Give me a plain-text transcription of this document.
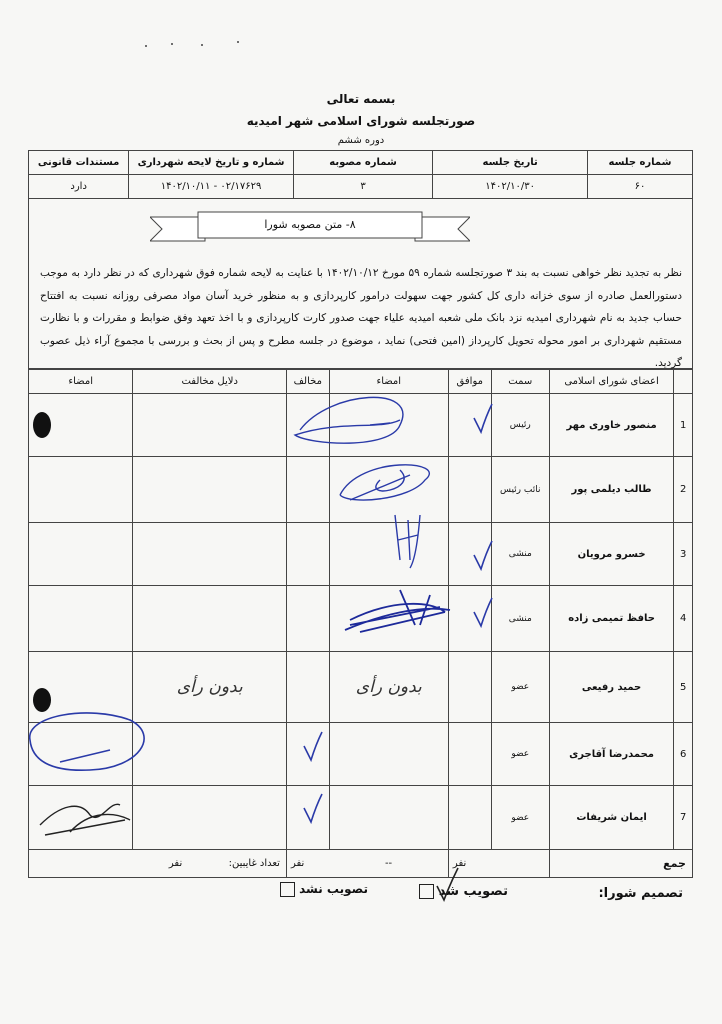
بسمه تعالی
صورتجلسه شورای اسلامی شهر امیدیه
دوره ششم
شماره جلسه	تاریخ جلسه	شماره مصوبه	شماره و تاریخ لایحه شهرداری	مستندات قانونی
۶۰	۱۴۰۲/۱۰/۳۰	۳	۰۲/۱۷۶۲۹ - ۱۴۰۲/۱۰/۱۱	دارد
۸- متن مصوبه شورا
نظر به تجدید نظر خواهی نسبت به بند ۳ صورتجلسه شماره ۵۹ مورخ ۱۴۰۲/۱۰/۱۲ با عنایت به لایحه شماره فوق شهرداری که در نظر دارد به موجب دستورالعمل صادره از سوی خزانه داری کل کشور جهت سهولت درامور کارپردازی و به منظور خرید آسان مواد مصرفی روزانه نسبت به افتتاح حساب جدید به نام شهرداری امیدیه نزد بانک ملی شعبه امیدیه علیاء جهت صدور کارت کارپردازی و با اخذ تعهد وفق ضوابط و مقررات و با نظارت مستقیم شهرداری بر امور محوله تحویل کارپرداز (امین فتحی) نماید ، موضوع در جلسه مطرح و پس از بحث و بررسی با مجموع آراء ذیل عصوب گردید.
	اعضای شورای اسلامی	سمت	موافق	امضاء	مخالف	دلایل مخالفت	امضاء
1	منصور خاوری مهر	رئیس					
2	طالب دیلمی پور	نائب رئیس					
3	خسرو مرویان	منشی					
4	حافظ تمیمی زاده	منشی					
5	حمید رفیعی	عضو		بدون رأی		بدون رأی	
6	محمدرضا آقاجری	عضو					
7	ایمان شریفات	عضو					
جمع		نفر		--	نفر	تعداد غایبین:  نفر	
تصمیم شورا:
تصویب شد
تصویب نشد
